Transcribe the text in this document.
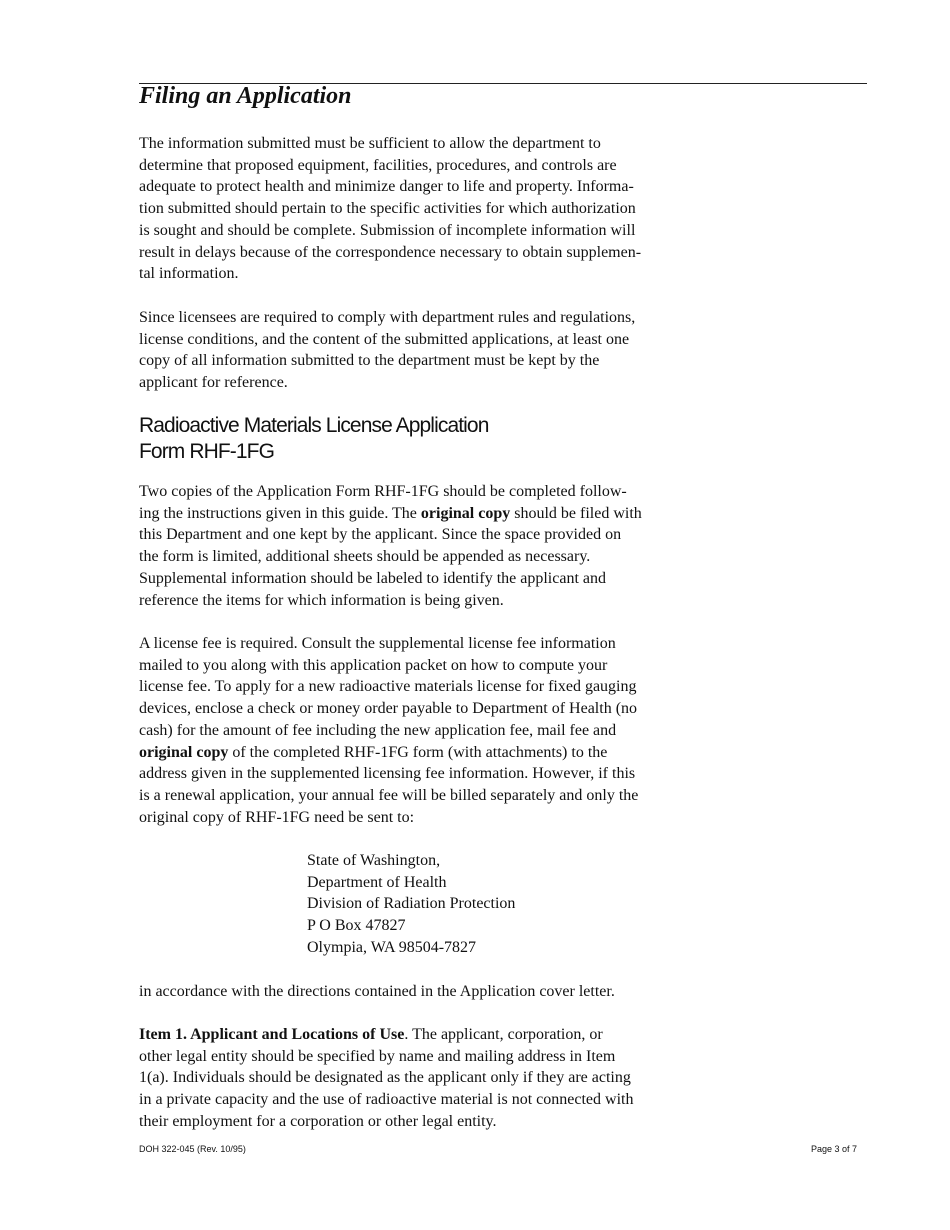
Filing an Application
The information submitted must be sufficient to allow the department to
determine that proposed equipment, facilities, procedures, and controls are
adequate to protect health and minimize danger to life and property. Informa-
tion submitted should pertain to the specific activities for which authorization
is sought and should be complete. Submission of incomplete information will
result in delays because of the correspondence necessary to obtain supplemen-
tal information.
Since licensees are required to comply with department rules and regulations,
license conditions, and the content of the submitted applications, at least one
copy of all information submitted to the department must be kept by the
applicant for reference.
Radioactive Materials License Application
Form RHF-1FG
Two copies of the Application Form RHF-1FG should be completed follow-
ing the instructions given in this guide. The original copy should be filed with
this Department and one kept by the applicant. Since the space provided on
the form is limited, additional sheets should be appended as necessary.
Supplemental information should be labeled to identify the applicant and
reference the items for which information is being given.
A license fee is required. Consult the supplemental license fee information
mailed to you along with this application packet on how to compute your
license fee. To apply for a new radioactive materials license for fixed gauging
devices, enclose a check or money order payable to Department of Health (no
cash) for the amount of fee including the new application fee, mail fee and
original copy of the completed RHF-1FG form (with attachments) to the
address given in the supplemented licensing fee information. However, if this
is a renewal application, your annual fee will be billed separately and only the
original copy of RHF-1FG need be sent to:
State of Washington,
Department of Health
Division of Radiation Protection
P O Box 47827
Olympia, WA 98504-7827
in accordance with the directions contained in the Application cover letter.
Item 1. Applicant and Locations of Use. The applicant, corporation, or
other legal entity should be specified by name and mailing address in Item
1(a). Individuals should be designated as the applicant only if they are acting
in a private capacity and the use of radioactive material is not connected with
their employment for a corporation or other legal entity.
DOH 322-045 (Rev. 10/95)	Page 3 of 7
